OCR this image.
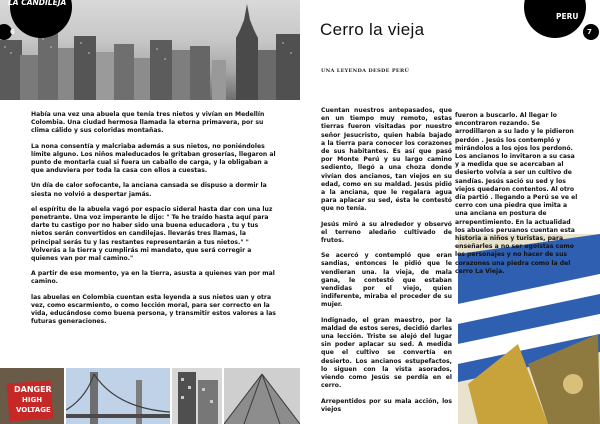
LA CANDILEJA
6

Había una vez una abuela que tenía tres nietos y vivían en Medellín Colombia. Una ciudad hermosa llamada la eterna primavera, por su clima cálido y sus coloridas montañas.

La nona consentía y malcriaba además a sus nietos, no poniéndoles límite alguno. Los niños maleducados le gritaban groserías, llegaron al punto de montarla cual si fuera un caballo de carga, y la obligaban a que anduviera por toda la casa con ellos a cuestas.

Un día de calor sofocante, la anciana cansada se dispuso a dormir la siesta no volvió a despertar jamás.

el espíritu de la abuela vagó por espacio sideral hasta dar con una luz penetrante. Una voz imperante le dijo: " Te he traído hasta aquí para darte tu castigo por no haber sido una buena educadora , tu y tus nietos serán convertidos en candilejas. llevarás tres llamas, la principal serás tu y las restantes representarán a tus nietos." " Volverás a la tierra y cumplirás mi mandato, que será corregir a quienes van por mal camino."

A partir de ese momento, ya en la tierra, asusta a quienes van por mal camino.

las abuelas en Colombia cuentan esta leyenda a sus nietos uan y otra vez, como escarmiento, o como lección moral, para ser correcto en la vida, educándose como buena persona, y transmitir estos valores a las futuras generaciones.

DANGER
HIGH
VOLTAGE
PERU
7
Cerro la vieja
UNA LEYENDA DESDE PERÚ

Cuentan nuestros antepasados, que en un tiempo muy remoto, estas tierras fueron visitadas por nuestro señor Jesucristo, quien había bajado a la tierra para conocer los corazones de sus habitantes. Es así que pasó por Monte Perú y su largo camino sediento, llegó a una choza donde vivían dos ancianos, tan viejos en su edad, como en su maldad. Jesús pidió a la anciana, que le regalara agua para aplacar su sed, ésta le contestó que no tenía.

Jesús miró a su alrededor y observó el terreno aledaño cultivado de frutos.

Se acercó y contempló que eran sandias, entonces le pidió que le vendieran una. la vieja, de mala gana, le contestó que estaban vendidas por el viejo, quien indiferente, miraba el proceder de su mujer.

Indignado, el gran maestro, por la maldad de estos seres, decidió darles una lección. Triste se alejó del lugar sin poder aplacar su sed. A medida que el cultivo se convertía en desierto. Los ancianos estupefactos, lo siguen con la vista asorados, viendo como Jesús se perdía en el cerro.

Arrepentidos por su mala acción, los viejos

fueron a buscarlo. Al llegar lo encontraron rezando. Se arrodillaron a su lado y le pidieron perdón . Jesús los contempló y mirándolos a los ojos los perdonó. Los ancianos lo invitaron a su casa y a medida que se acercaban al desierto volvía a ser un cultivo de sandías. Jesús sació su sed y los viejos quedaron contentos. Al otro día partió . llegando a Perú se ve el cerro con una piedra que imita a una anciana en postura de arrepentimiento. En la actualidad los abuelos peruanos cuentan esta historia a niños y turistas, para enseñarles a no ser egoístas como los personajes y no hacer de sus corazones una piedra como la del cerro La Vieja.
